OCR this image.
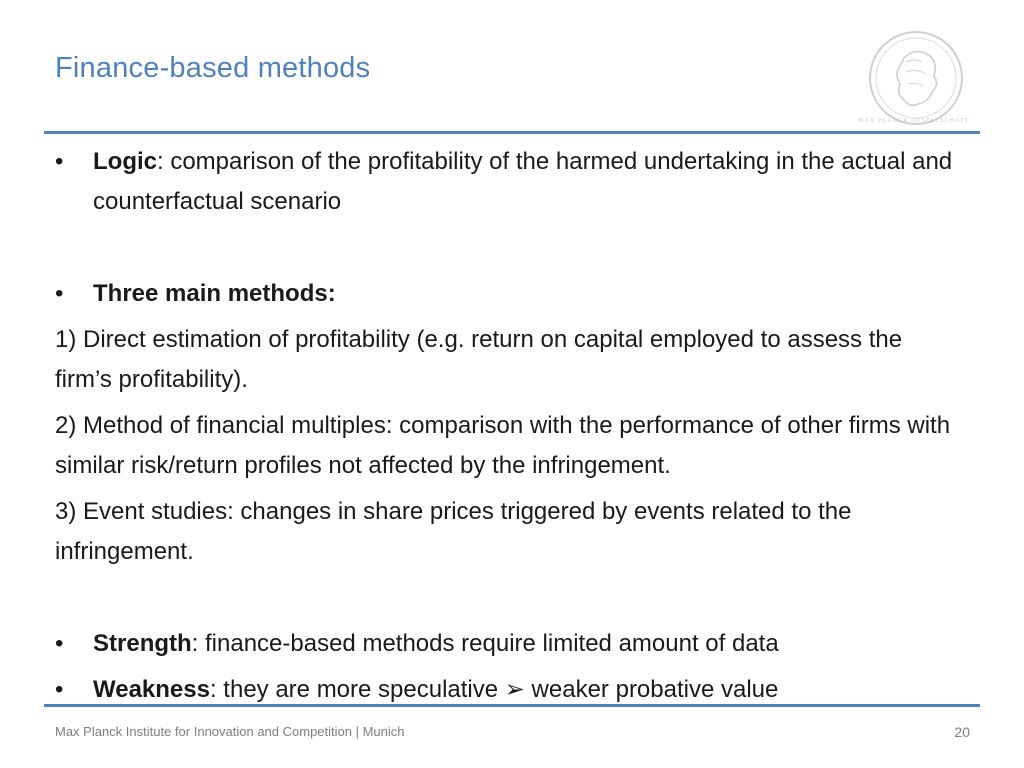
Finance-based methods
MAX PLANCK GESELLSCHAFT
•	Logic: comparison of the profitability of the harmed undertaking in the actual and counterfactual scenario
•	Three main methods:
1) Direct estimation of profitability (e.g. return on capital employed to assess the firm’s profitability).
2) Method of financial multiples: comparison with the performance of other firms with similar risk/return profiles not affected by the infringement.
3) Event studies: changes in share prices triggered by events related to the infringement.
•	Strength: finance-based methods require limited amount of data
•	Weakness: they are more speculative ➢ weaker probative value
Max Planck Institute for Innovation and Competition | Munich	20
